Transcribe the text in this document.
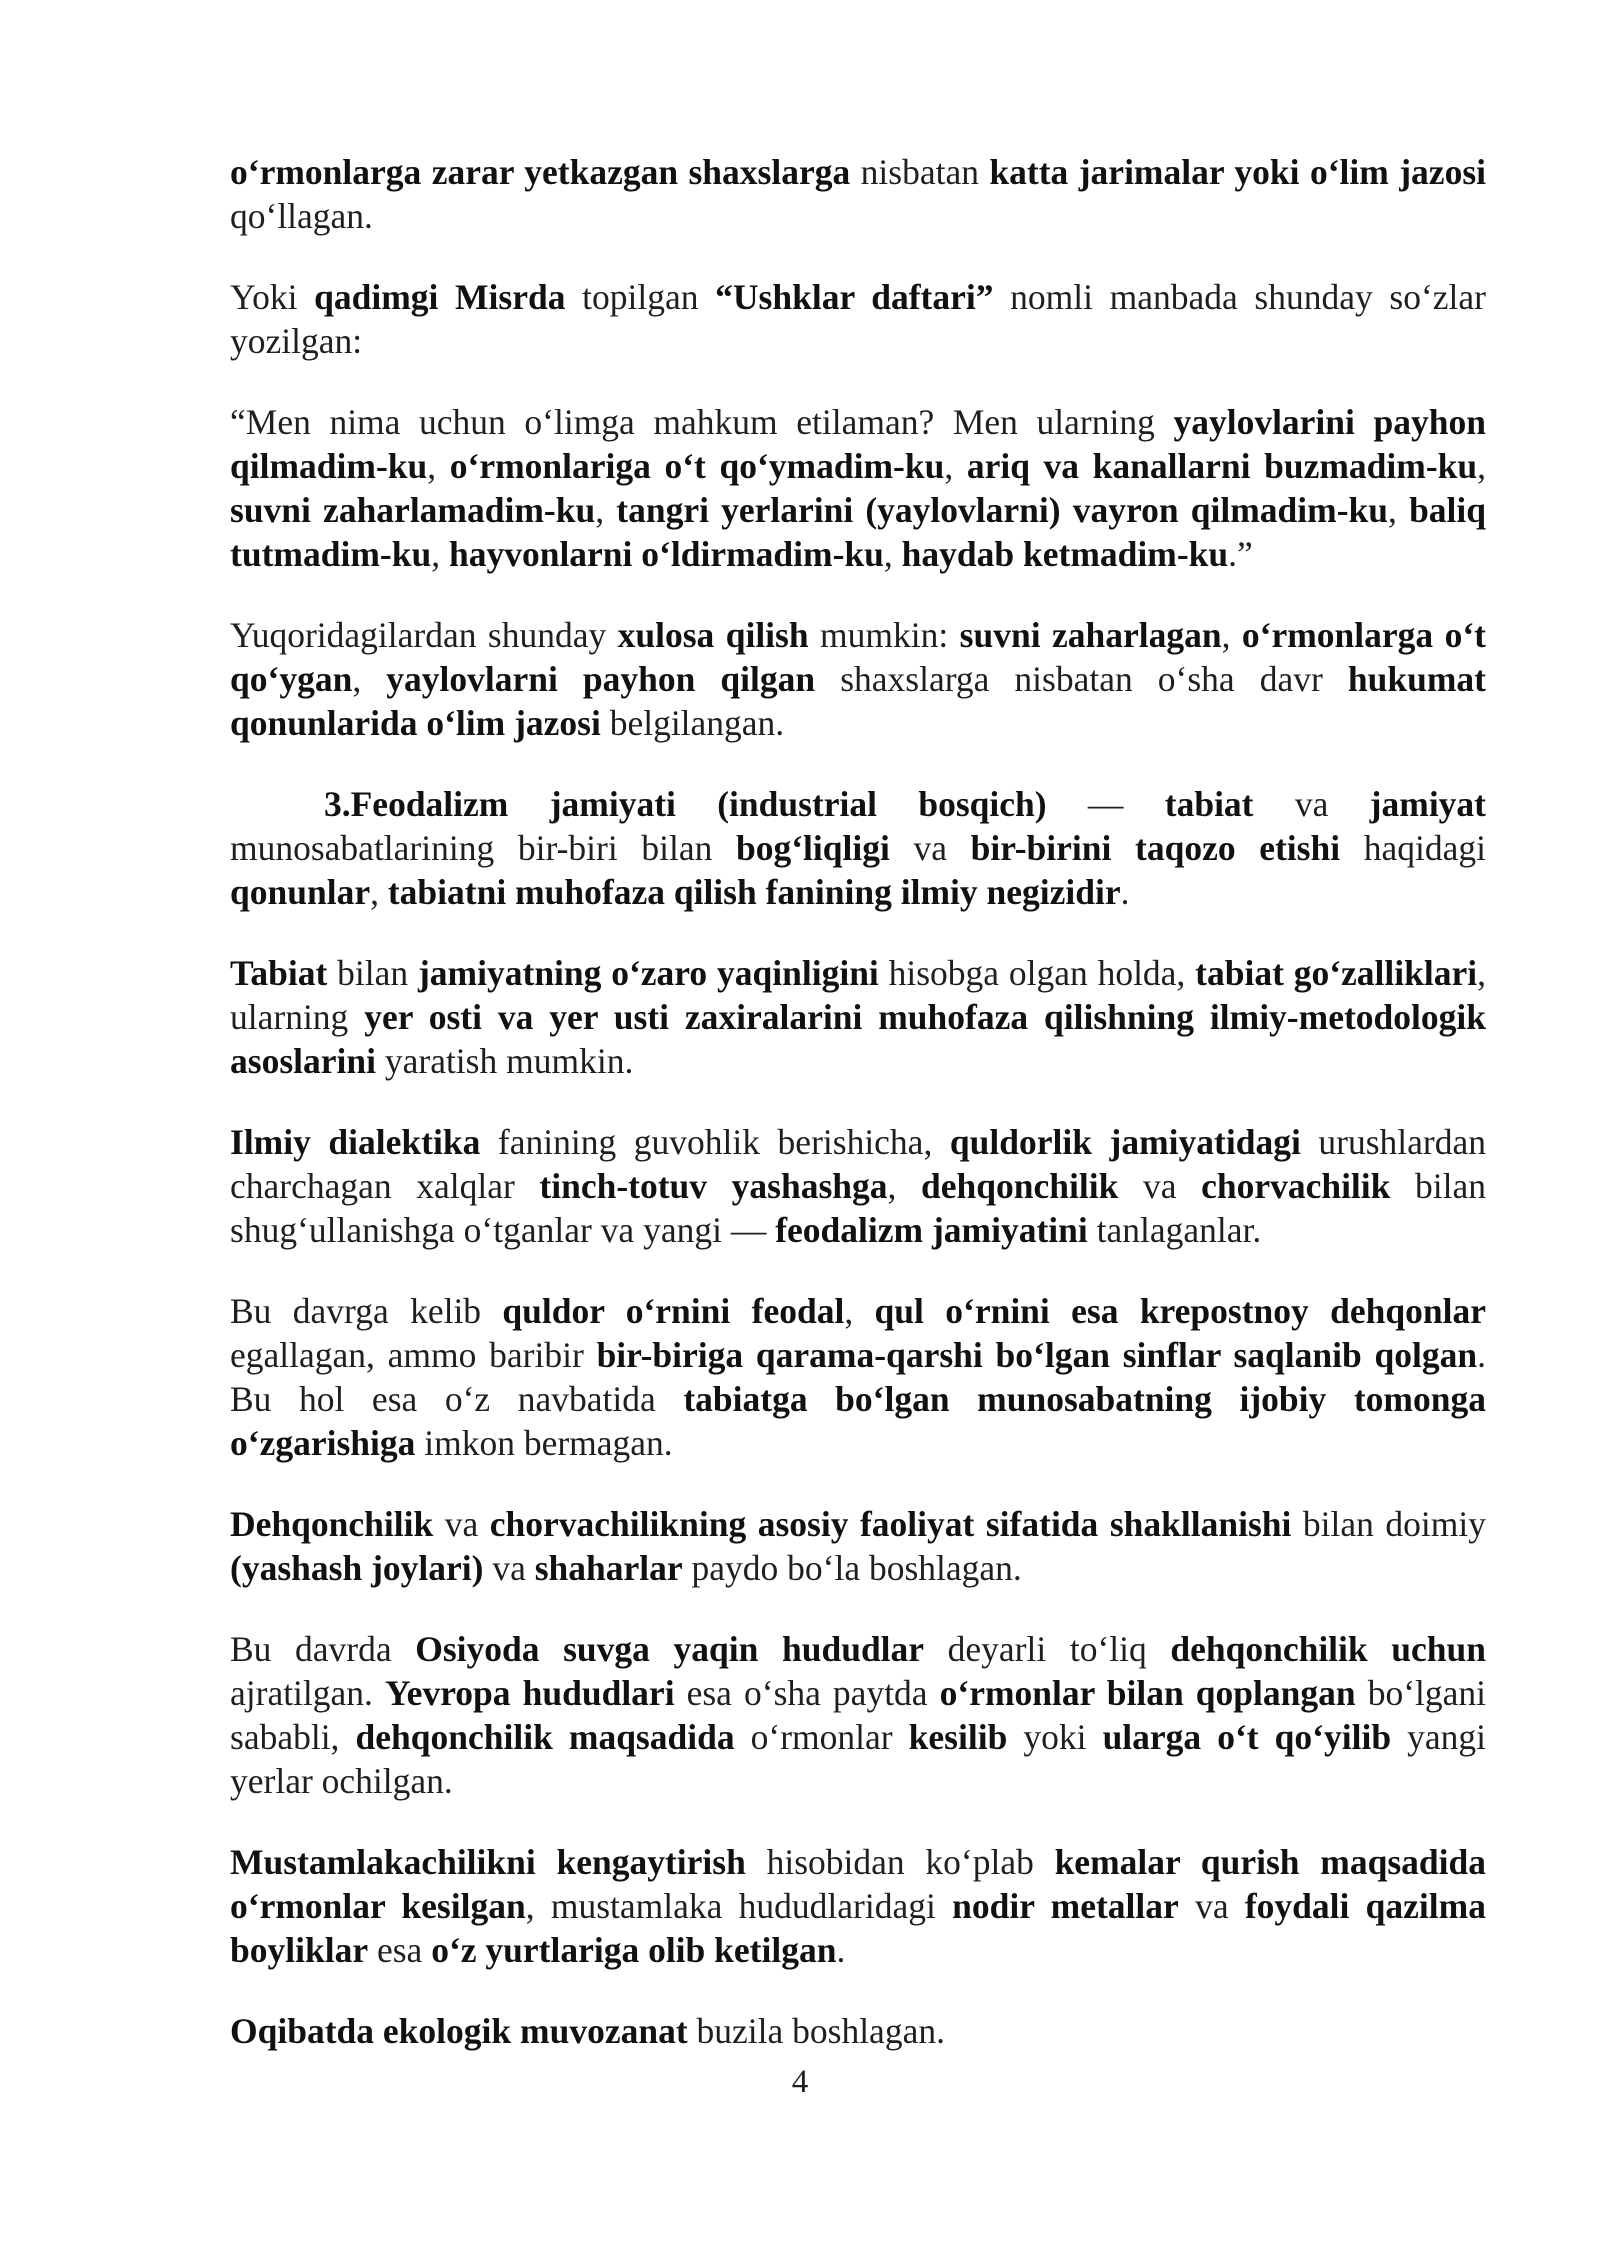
o‘rmonlarga zarar yetkazgan shaxslarga nisbatan katta jarimalar yoki o‘lim jazosi qo‘llagan.

Yoki qadimgi Misrda topilgan “Ushklar daftari” nomli manbada shunday so‘zlar yozilgan:

“Men nima uchun o‘limga mahkum etilaman? Men ularning yaylovlarini payhon qilmadim-ku, o‘rmonlariga o‘t qo‘ymadim-ku, ariq va kanallarni buzmadim-ku, suvni zaharlamadim-ku, tangri yerlarini (yaylovlarni) vayron qilmadim-ku, baliq tutmadim-ku, hayvonlarni o‘ldirmadim-ku, haydab ketmadim-ku.”

Yuqoridagilardan shunday xulosa qilish mumkin: suvni zaharlagan, o‘rmonlarga o‘t qo‘ygan, yaylovlarni payhon qilgan shaxslarga nisbatan o‘sha davr hukumat qonunlarida o‘lim jazosi belgilangan.

3.Feodalizm jamiyati (industrial bosqich) — tabiat va jamiyat munosabatlarining bir-biri bilan bog‘liqligi va bir-birini taqozo etishi haqidagi qonunlar, tabiatni muhofaza qilish fanining ilmiy negizidir.

Tabiat bilan jamiyatning o‘zaro yaqinligini hisobga olgan holda, tabiat go‘zalliklari, ularning yer osti va yer usti zaxiralarini muhofaza qilishning ilmiy-metodologik asoslarini yaratish mumkin.

Ilmiy dialektika fanining guvohlik berishicha, quldorlik jamiyatidagi urushlardan charchagan xalqlar tinch-totuv yashashga, dehqonchilik va chorvachilik bilan shug‘ullanishga o‘tganlar va yangi — feodalizm jamiyatini tanlaganlar.

Bu davrga kelib quldor o‘rnini feodal, qul o‘rnini esa krepostnoy dehqonlar egallagan, ammo baribir bir-biriga qarama-qarshi bo‘lgan sinflar saqlanib qolgan. Bu hol esa o‘z navbatida tabiatga bo‘lgan munosabatning ijobiy tomonga o‘zgarishiga imkon bermagan.

Dehqonchilik va chorvachilikning asosiy faoliyat sifatida shakllanishi bilan doimiy (yashash joylari) va shaharlar paydo bo‘la boshlagan.

Bu davrda Osiyoda suvga yaqin hududlar deyarli to‘liq dehqonchilik uchun ajratilgan. Yevropa hududlari esa o‘sha paytda o‘rmonlar bilan qoplangan bo‘lgani sababli, dehqonchilik maqsadida o‘rmonlar kesilib yoki ularga o‘t qo‘yilib yangi yerlar ochilgan.

Mustamlakachilikni kengaytirish hisobidan ko‘plab kemalar qurish maqsadida o‘rmonlar kesilgan, mustamlaka hududlaridagi nodir metallar va foydali qazilma boyliklar esa o‘z yurtlariga olib ketilgan.

Oqibatda ekologik muvozanat buzila boshlagan.

4
